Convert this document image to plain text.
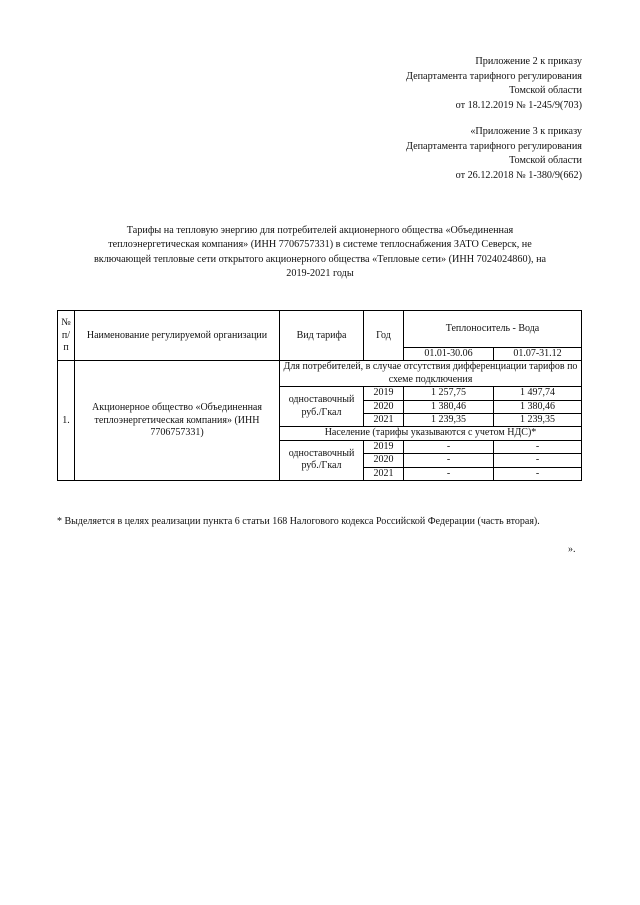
Приложение 2 к приказу
Департамента тарифного регулирования
Томской области
от 18.12.2019 № 1-245/9(703)
«Приложение 3 к приказу
Департамента тарифного регулирования
Томской области
от 26.12.2018 № 1-380/9(662)
Тарифы на тепловую энергию для потребителей акционерного общества «Объединенная
теплоэнергетическая компания» (ИНН 7706757331) в системе теплоснабжения ЗАТО Северск, не
включающей тепловые сети открытого акционерного общества «Тепловые сети» (ИНН 7024024860), на
2019-2021 годы
№ п/п	Наименование регулируемой организации	Вид тарифа	Год	Теплоноситель - Вода	
				01.01-30.06	01.07-31.12
1.	Акционерное общество «Объединенная теплоэнергетическая компания» (ИНН 7706757331)	Для потребителей, в случае отсутствия дифференциации тарифов по схеме подключения			
		одноставочный руб./Гкал	2019	1 257,75	1 497,74
			2020	1 380,46	1 380,46
			2021	1 239,35	1 239,35
		Население (тарифы указываются с учетом НДС)*			
		одноставочный руб./Гкал	2019	-	-
			2020	-	-
			2021	-	-
* Выделяется в целях реализации пункта 6 статьи 168 Налогового кодекса Российской Федерации (часть вторая).
».
